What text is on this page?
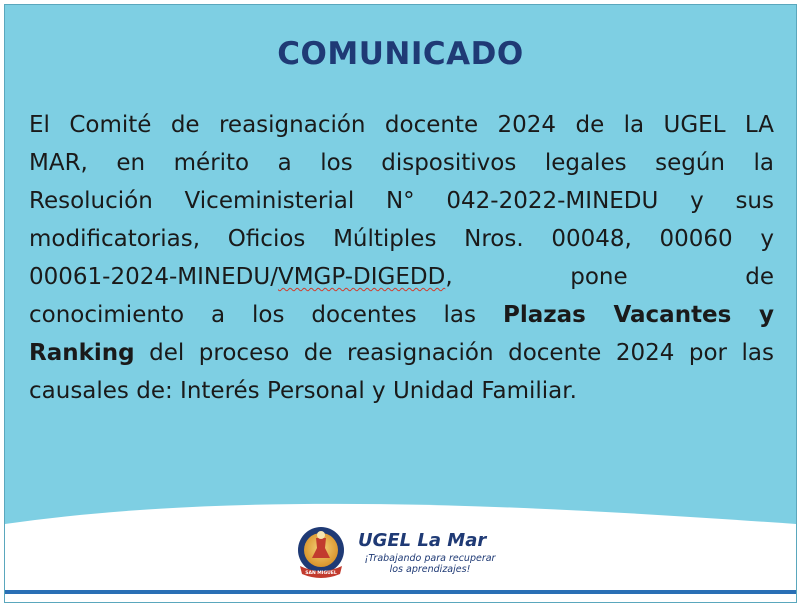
COMUNICADO
El Comité de reasignación docente 2024 de la UGEL LA
MAR, en mérito a los dispositivos legales según la
Resolución Viceministerial N° 042-2022-MINEDU y sus
modificatorias, Oficios Múltiples Nros. 00048, 00060 y
00061-2024-MINEDU/VMGP-DIGEDD, pone de
conocimiento a los docentes las Plazas Vacantes y
Ranking del proceso de reasignación docente 2024 por las
causales de: Interés Personal y Unidad Familiar.
SAN MIGUEL
UGEL La Mar
¡Trabajando para recuperar
los aprendizajes!
